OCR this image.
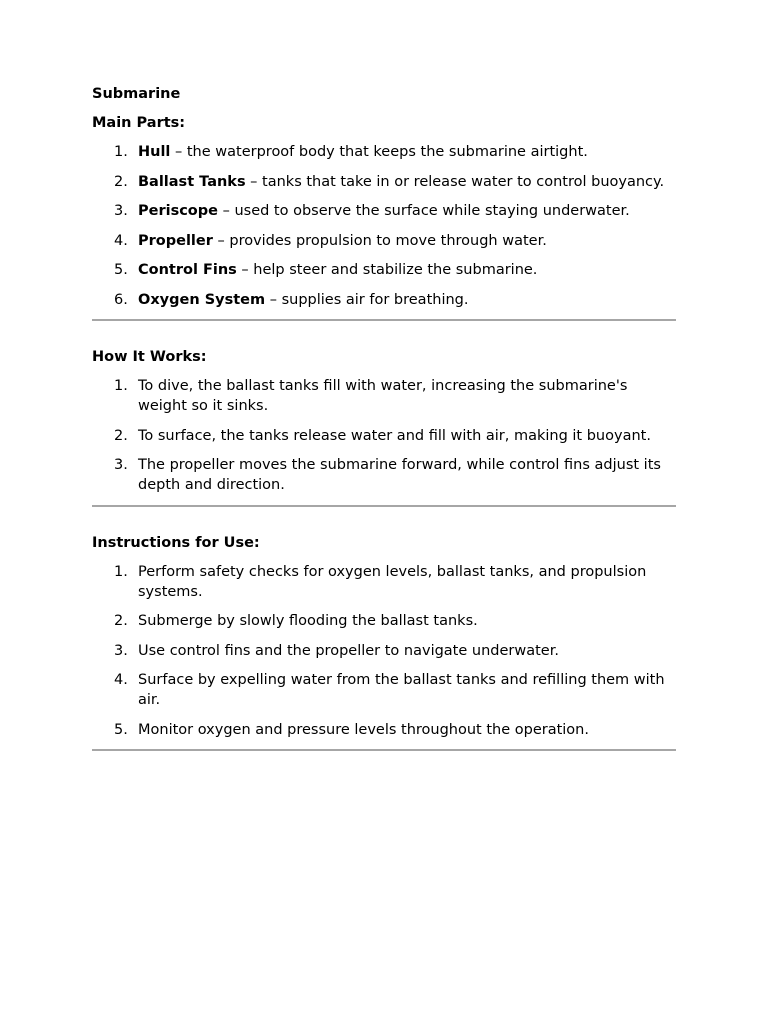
Submarine
Main Parts:
1. Hull – the waterproof body that keeps the submarine airtight.
2. Ballast Tanks – tanks that take in or release water to control buoyancy.
3. Periscope – used to observe the surface while staying underwater.
4. Propeller – provides propulsion to move through water.
5. Control Fins – help steer and stabilize the submarine.
6. Oxygen System – supplies air for breathing.
How It Works:
1. To dive, the ballast tanks fill with water, increasing the submarine's weight so it sinks.
2. To surface, the tanks release water and fill with air, making it buoyant.
3. The propeller moves the submarine forward, while control fins adjust its depth and direction.
Instructions for Use:
1. Perform safety checks for oxygen levels, ballast tanks, and propulsion systems.
2. Submerge by slowly flooding the ballast tanks.
3. Use control fins and the propeller to navigate underwater.
4. Surface by expelling water from the ballast tanks and refilling them with air.
5. Monitor oxygen and pressure levels throughout the operation.
